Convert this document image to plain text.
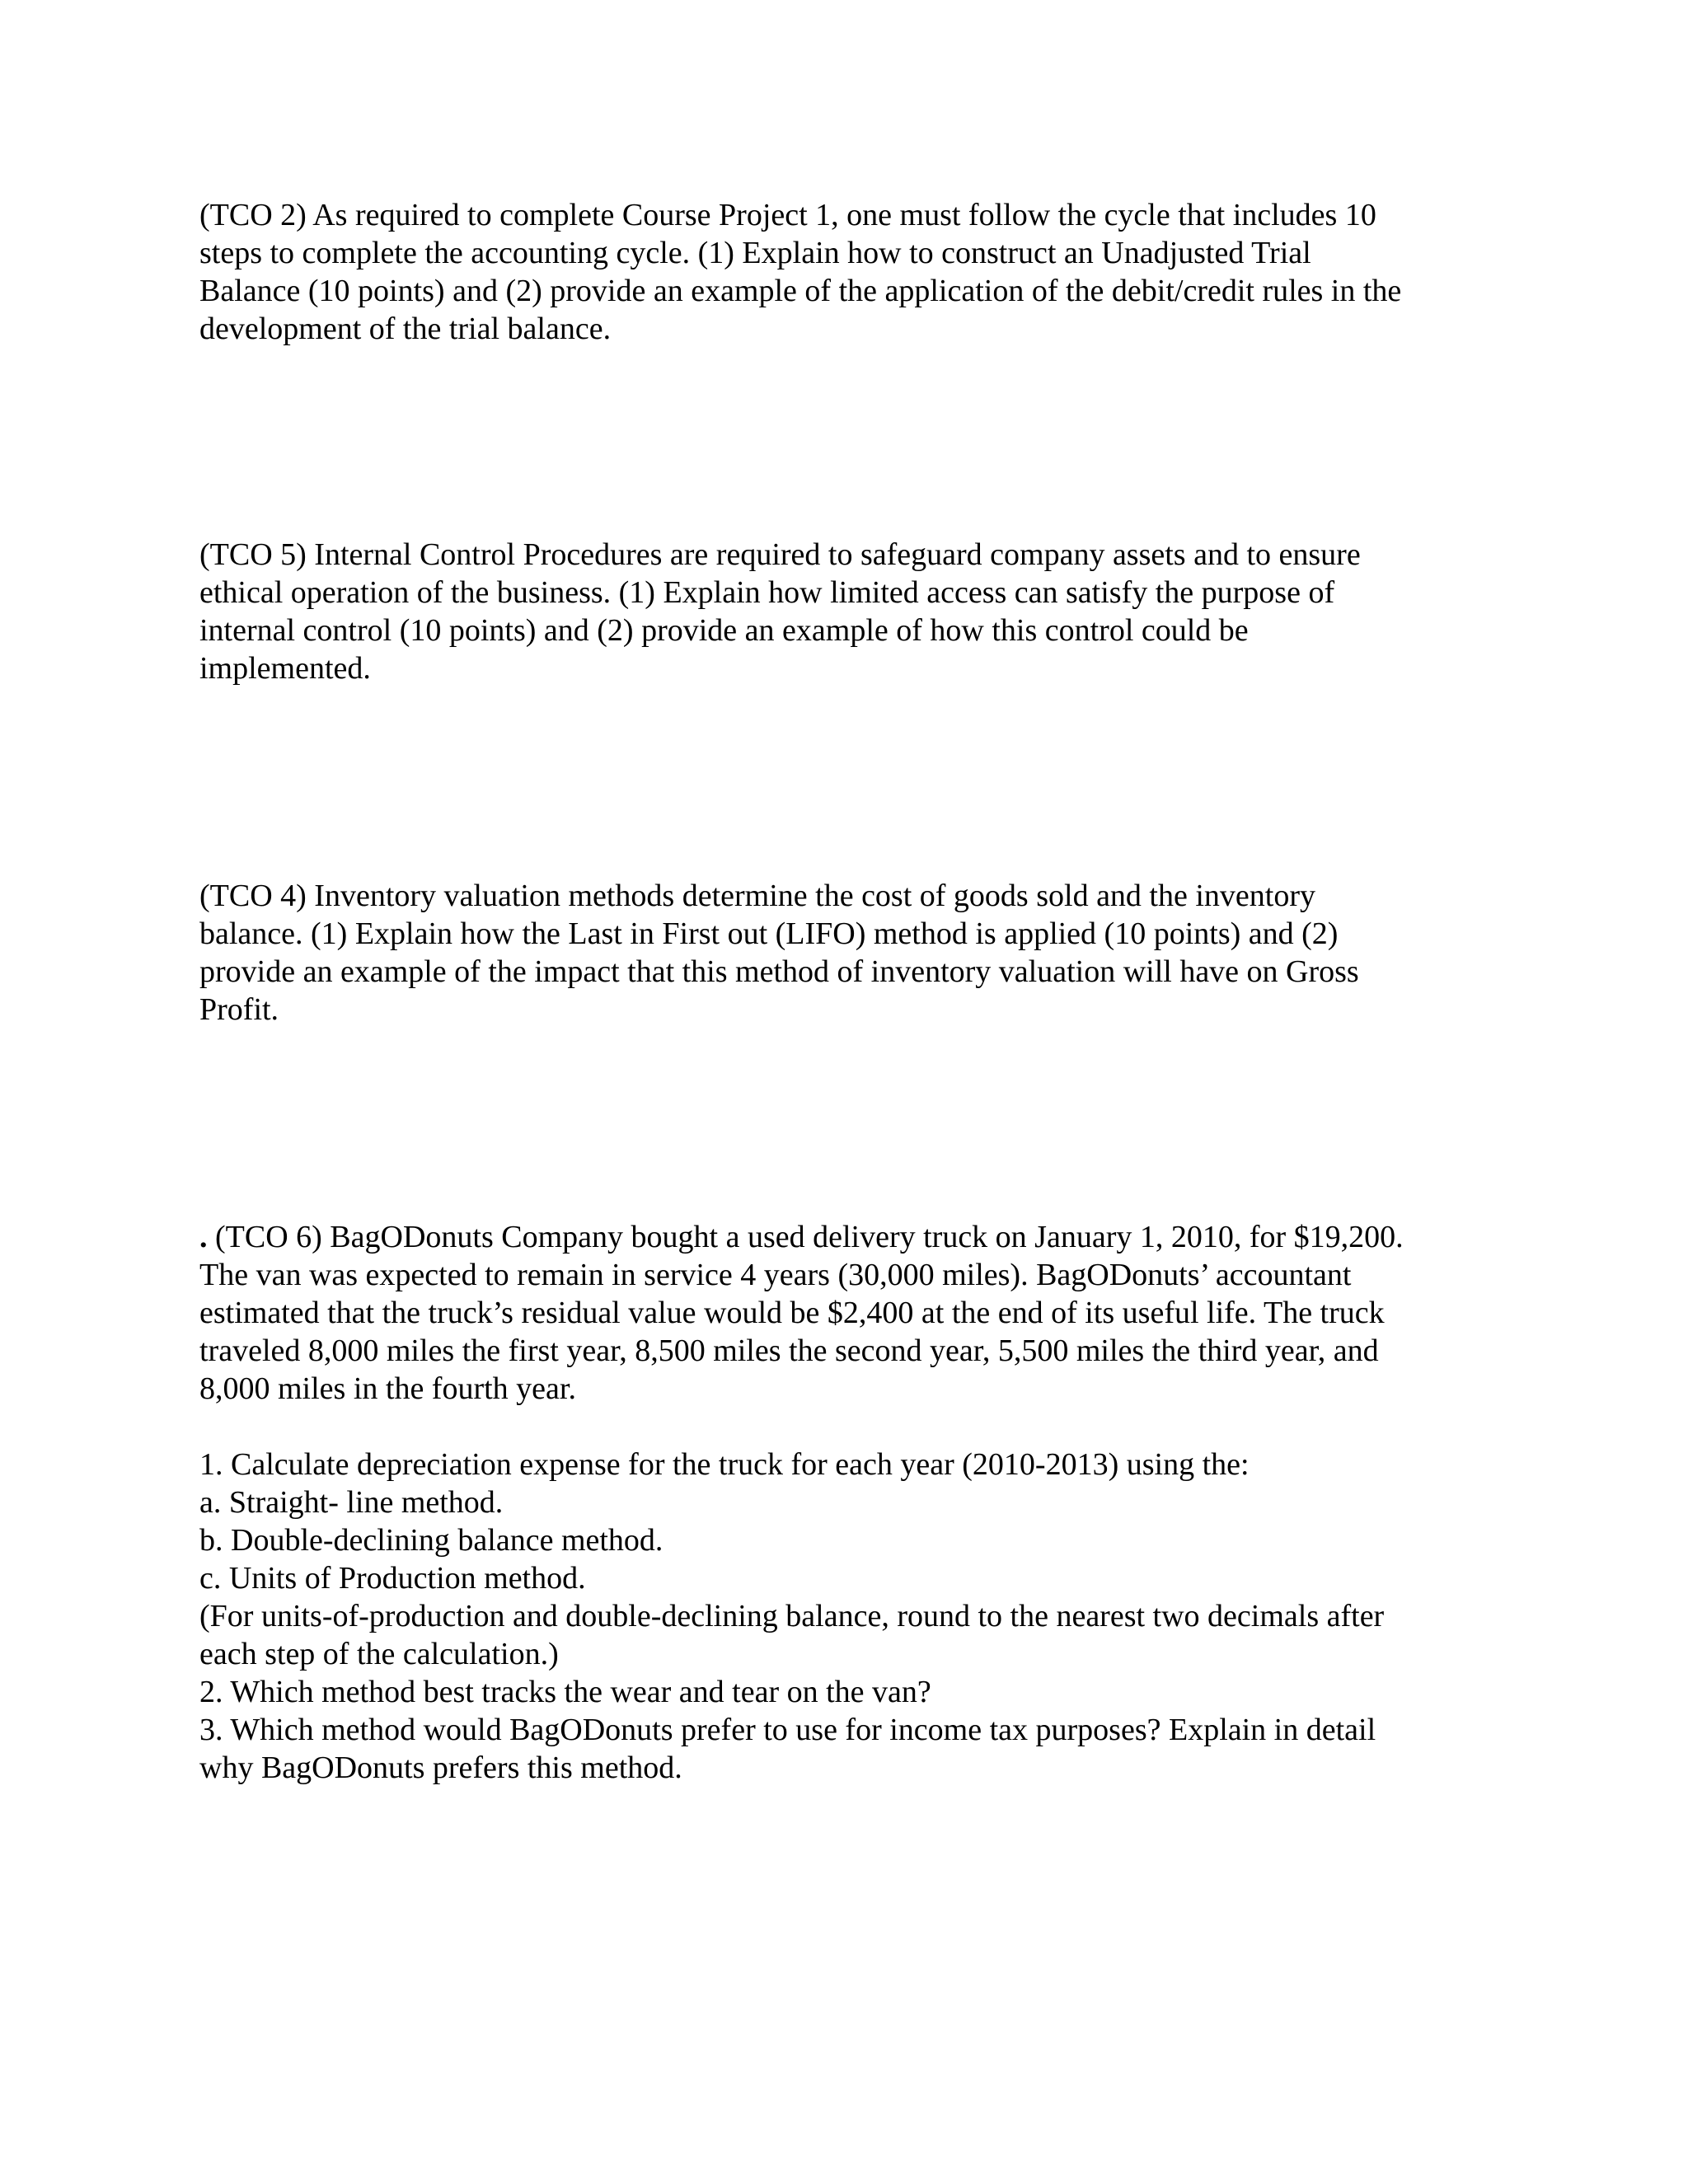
(TCO 2) As required to complete Course Project 1, one must follow the cycle that includes 10
steps to complete the accounting cycle. (1) Explain how to construct an Unadjusted Trial
Balance (10 points) and (2) provide an example of the application of the debit/credit rules in the
development of the trial balance.
(TCO 5) Internal Control Procedures are required to safeguard company assets and to ensure
ethical operation of the business. (1) Explain how limited access can satisfy the purpose of
internal control (10 points) and (2) provide an example of how this control could be
implemented.
(TCO 4) Inventory valuation methods determine the cost of goods sold and the inventory
balance. (1) Explain how the Last in First out (LIFO) method is applied (10 points) and (2)
provide an example of the impact that this method of inventory valuation will have on Gross
Profit.
. (TCO 6) BagODonuts Company bought a used delivery truck on January 1, 2010, for $19,200.
The van was expected to remain in service 4 years (30,000 miles). BagODonuts’ accountant
estimated that the truck’s residual value would be $2,400 at the end of its useful life. The truck
traveled 8,000 miles the first year, 8,500 miles the second year, 5,500 miles the third year, and
8,000 miles in the fourth year.
1. Calculate depreciation expense for the truck for each year (2010-2013) using the:
a. Straight- line method.
b. Double-declining balance method.
c. Units of Production method.
(For units-of-production and double-declining balance, round to the nearest two decimals after
each step of the calculation.)
2. Which method best tracks the wear and tear on the van?
3. Which method would BagODonuts prefer to use for income tax purposes? Explain in detail
why BagODonuts prefers this method.
